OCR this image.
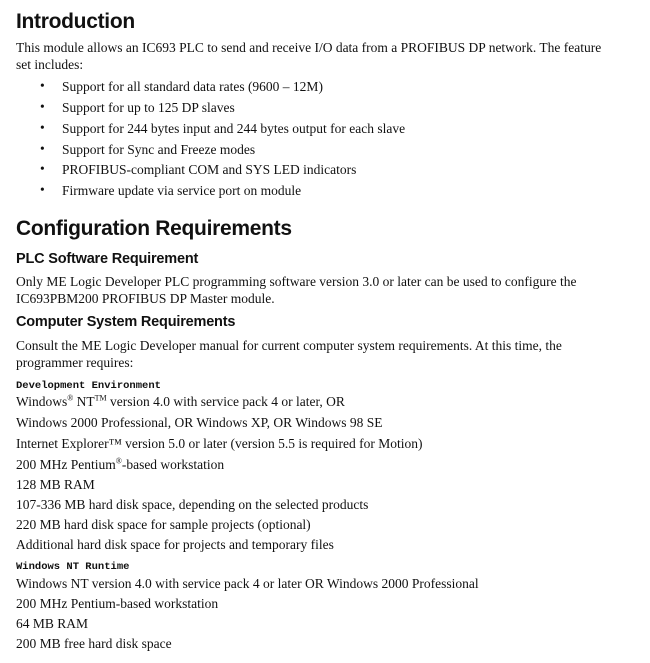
Introduction
This module allows an IC693 PLC to send and receive I/O data from a PROFIBUS DP network. The feature
set includes:
• Support for all standard data rates (9600 – 12M)
• Support for up to 125 DP slaves
• Support for 244 bytes input and 244 bytes output for each slave
• Support for Sync and Freeze modes
• PROFIBUS-compliant COM and SYS LED indicators
• Firmware update via service port on module
Configuration Requirements
PLC Software Requirement
Only ME Logic Developer PLC programming software version 3.0 or later can be used to configure the
IC693PBM200 PROFIBUS DP Master module.
Computer System Requirements
Consult the ME Logic Developer manual for current computer system requirements. At this time, the
programmer requires:
Development Environment
Windows® NT™ version 4.0 with service pack 4 or later, OR
Windows 2000 Professional, OR Windows XP, OR Windows 98 SE
Internet Explorer™ version 5.0 or later (version 5.5 is required for Motion)
200 MHz Pentium®-based workstation
128 MB RAM
107-336 MB hard disk space, depending on the selected products
220 MB hard disk space for sample projects (optional)
Additional hard disk space for projects and temporary files
Windows NT Runtime
Windows NT version 4.0 with service pack 4 or later OR Windows 2000 Professional
200 MHz Pentium-based workstation
64 MB RAM
200 MB free hard disk space
